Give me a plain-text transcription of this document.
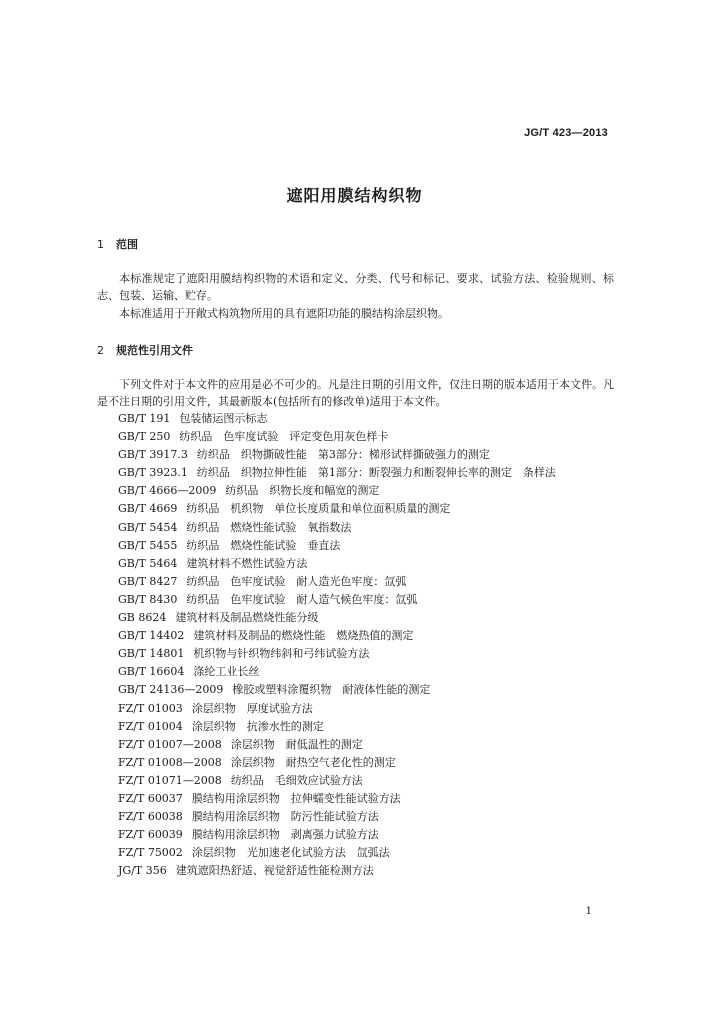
JG/T 423—2013
遮阳用膜结构织物
1 范围

本标准规定了遮阳用膜结构织物的术语和定义、分类、代号和标记、要求、试验方法、检验规则、标志、包装、运输、贮存。

本标准适用于开敞式构筑物所用的具有遮阳功能的膜结构涂层织物。

2 规范性引用文件

下列文件对于本文件的应用是必不可少的。凡是注日期的引用文件，仅注日期的版本适用于本文件。凡是不注日期的引用文件，其最新版本(包括所有的修改单)适用于本文件。

GB/T 191 包装储运图示标志
GB/T 250 纺织品　色牢度试验　评定变色用灰色样卡
GB/T 3917.3 纺织品　织物撕破性能　第3部分：梯形试样撕破强力的测定
GB/T 3923.1 纺织品　织物拉伸性能　第1部分：断裂强力和断裂伸长率的测定　条样法
GB/T 4666—2009 纺织品　织物长度和幅宽的测定
GB/T 4669 纺织品　机织物　单位长度质量和单位面积质量的测定
GB/T 5454 纺织品　燃烧性能试验　氧指数法
GB/T 5455 纺织品　燃烧性能试验　垂直法
GB/T 5464 建筑材料不燃性试验方法
GB/T 8427 纺织品　色牢度试验　耐人造光色牢度：氙弧
GB/T 8430 纺织品　色牢度试验　耐人造气候色牢度：氙弧
GB 8624 建筑材料及制品燃烧性能分级
GB/T 14402 建筑材料及制品的燃烧性能　燃烧热值的测定
GB/T 14801 机织物与针织物纬斜和弓纬试验方法
GB/T 16604 涤纶工业长丝
GB/T 24136—2009 橡胶或塑料涂覆织物　耐液体性能的测定
FZ/T 01003 涂层织物　厚度试验方法
FZ/T 01004 涂层织物　抗渗水性的测定
FZ/T 01007—2008 涂层织物　耐低温性的测定
FZ/T 01008—2008 涂层织物　耐热空气老化性的测定
FZ/T 01071—2008 纺织品　毛细效应试验方法
FZ/T 60037 膜结构用涂层织物　拉伸蠕变性能试验方法
FZ/T 60038 膜结构用涂层织物　防污性能试验方法
FZ/T 60039 膜结构用涂层织物　剥离强力试验方法
FZ/T 75002 涂层织物　光加速老化试验方法　氙弧法
JG/T 356 建筑遮阳热舒适、视觉舒适性能检测方法
1
